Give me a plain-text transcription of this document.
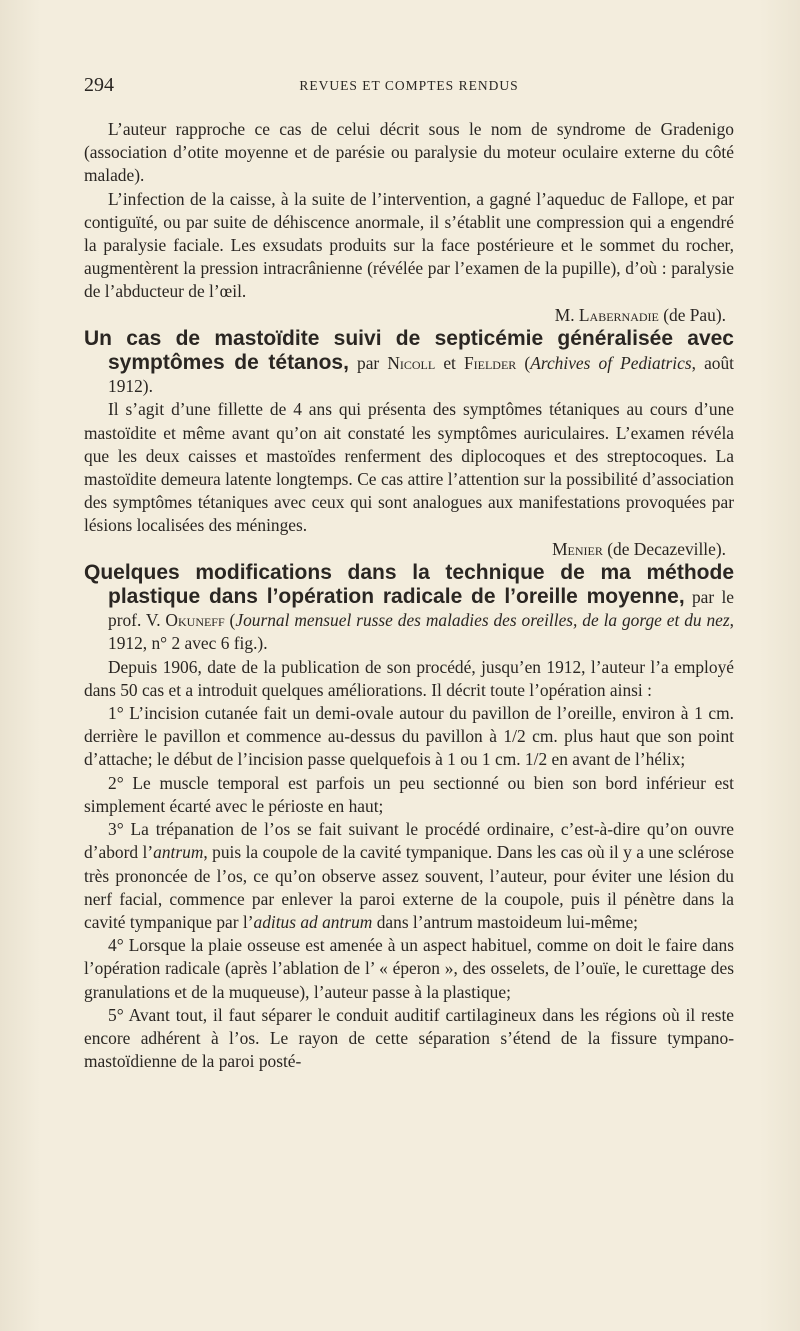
294	REVUES ET COMPTES RENDUS

L’auteur rapproche ce cas de celui décrit sous le nom de syndrome de Gradenigo (association d’otite moyenne et de parésie ou paralysie du moteur oculaire externe du côté malade).

L’infection de la caisse, à la suite de l’intervention, a gagné l’aqueduc de Fallope, et par contiguïté, ou par suite de déhiscence anormale, il s’établit une compression qui a engendré la paralysie faciale. Les exsudats produits sur la face postérieure et le sommet du rocher, augmentèrent la pression intracrânienne (révélée par l’examen de la pupille), d’où : paralysie de l’abducteur de l’œil.

M. Labernadie (de Pau).

Un cas de mastoïdite suivi de septicémie généralisée avec symptômes de tétanos, par Nicoll et Fielder (Archives of Pediatrics, août 1912).

Il s’agit d’une fillette de 4 ans qui présenta des symptômes tétaniques au cours d’une mastoïdite et même avant qu’on ait constaté les symptômes auriculaires. L’examen révéla que les deux caisses et mastoïdes renferment des diplocoques et des streptocoques. La mastoïdite demeura latente longtemps. Ce cas attire l’attention sur la possibilité d’association des symptômes tétaniques avec ceux qui sont analogues aux manifestations provoquées par lésions localisées des méninges.

Menier (de Decazeville).

Quelques modifications dans la technique de ma méthode plastique dans l’opération radicale de l’oreille moyenne, par le prof. V. Okuneff (Journal mensuel russe des maladies des oreilles, de la gorge et du nez, 1912, n° 2 avec 6 fig.).

Depuis 1906, date de la publication de son procédé, jusqu’en 1912, l’auteur l’a employé dans 50 cas et a introduit quelques améliorations. Il décrit toute l’opération ainsi :

1° L’incision cutanée fait un demi-ovale autour du pavillon de l’oreille, environ à 1 cm. derrière le pavillon et commence au-dessus du pavillon à 1/2 cm. plus haut que son point d’attache; le début de l’incision passe quelquefois à 1 ou 1 cm. 1/2 en avant de l’hélix;

2° Le muscle temporal est parfois un peu sectionné ou bien son bord inférieur est simplement écarté avec le périoste en haut;

3° La trépanation de l’os se fait suivant le procédé ordinaire, c’est-à-dire qu’on ouvre d’abord l’antrum, puis la coupole de la cavité tympanique. Dans les cas où il y a une sclérose très prononcée de l’os, ce qu’on observe assez souvent, l’auteur, pour éviter une lésion du nerf facial, commence par enlever la paroi externe de la coupole, puis il pénètre dans la cavité tympanique par l’aditus ad antrum dans l’antrum mastoideum lui-même;

4° Lorsque la plaie osseuse est amenée à un aspect habituel, comme on doit le faire dans l’opération radicale (après l’ablation de l’ « éperon », des osselets, de l’ouïe, le curettage des granulations et de la muqueuse), l’auteur passe à la plastique;

5° Avant tout, il faut séparer le conduit auditif cartilagineux dans les régions où il reste encore adhérent à l’os. Le rayon de cette séparation s’étend de la fissure tympano-mastoïdienne de la paroi posté-
